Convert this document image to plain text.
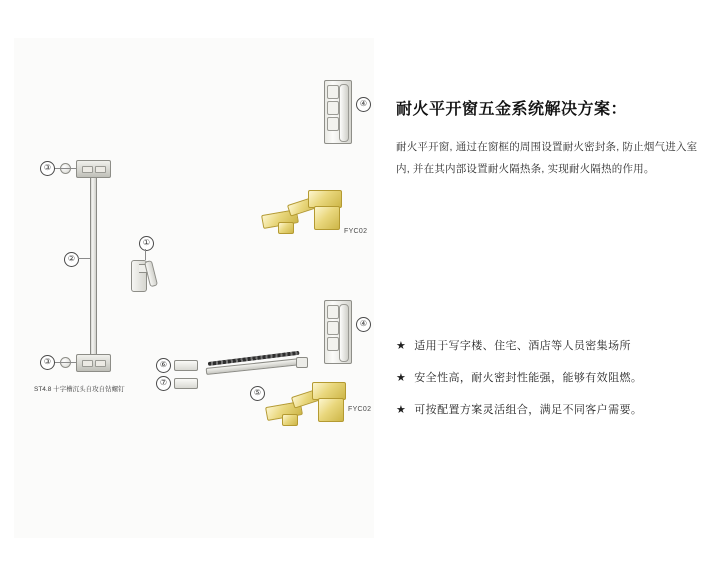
③
③
②
ST4.8 十字槽沉头自攻自钻螺钉
①
④
④
⑤
⑥
⑦
FYC02
FYC02
耐火平开窗五金系统解决方案：

耐火平开窗, 通过在窗框的周围设置耐火密封条, 防止烟气进入室内, 并在其内部设置耐火隔热条, 实现耐火隔热的作用。

★ 适用于写字楼、住宅、酒店等人员密集场所
★ 安全性高，耐火密封性能强，能够有效阻燃。
★ 可按配置方案灵活组合，满足不同客户需要。
